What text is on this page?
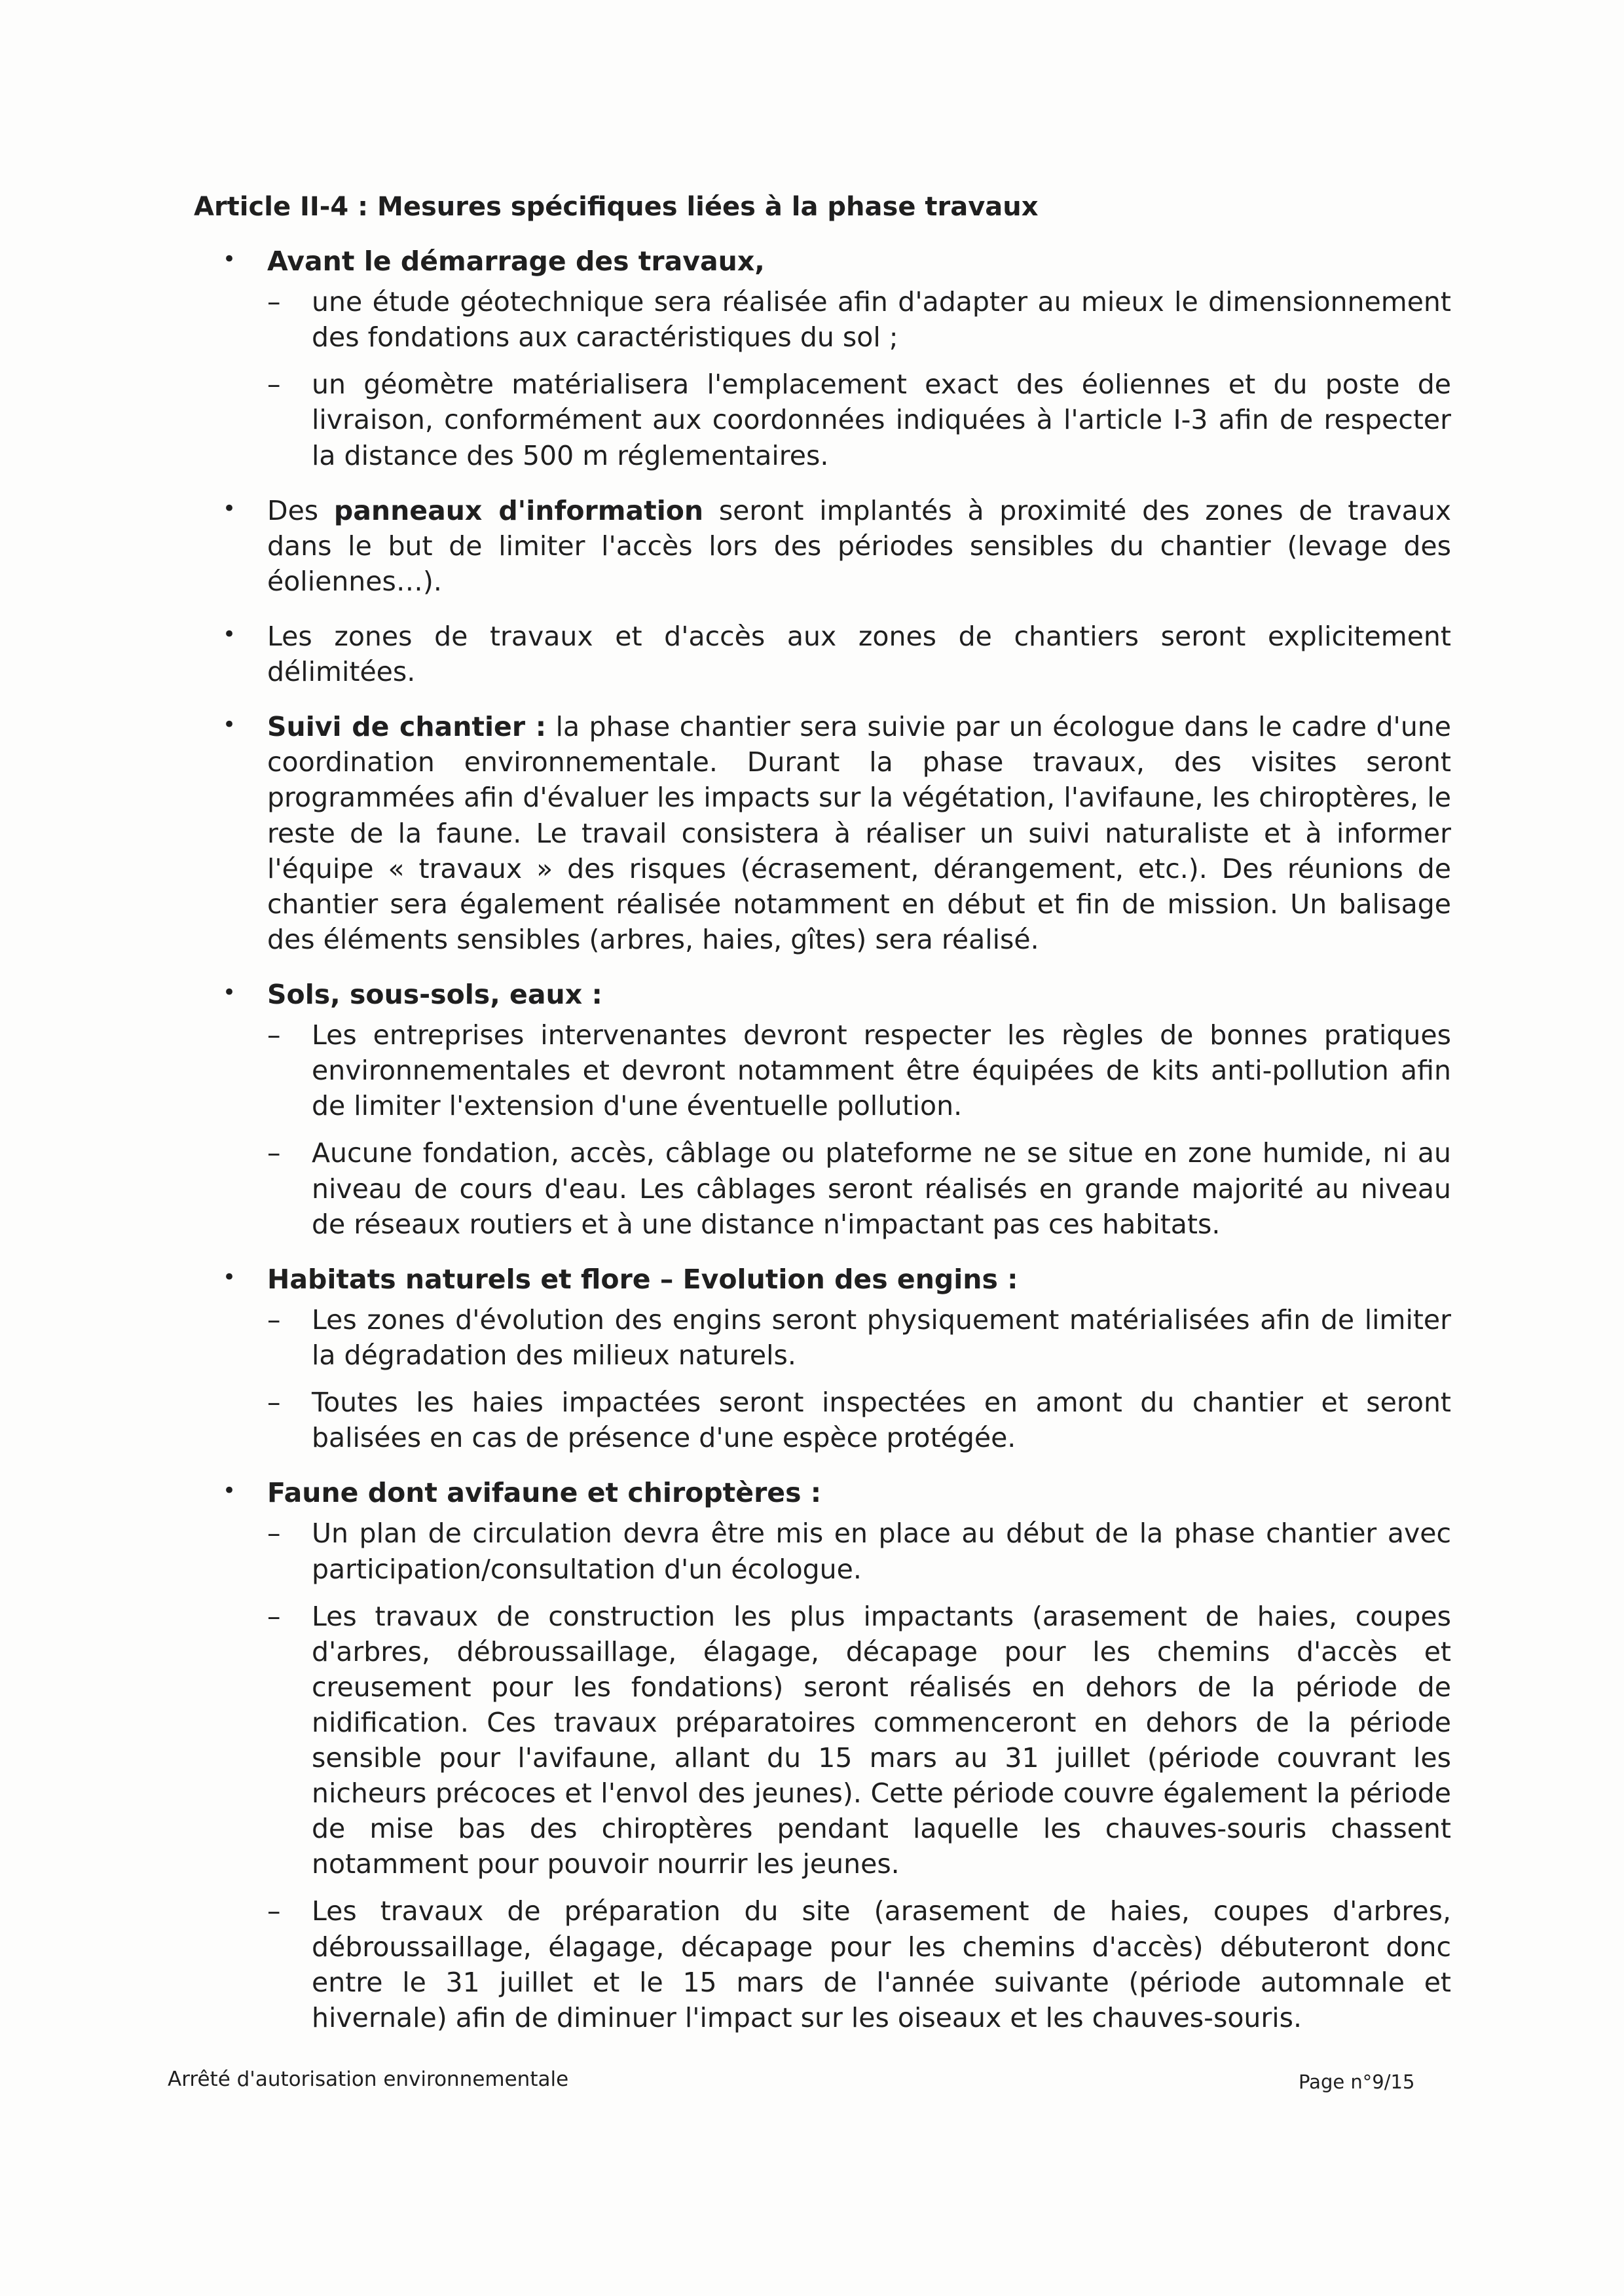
Article II-4 : Mesures spécifiques liées à la phase travaux
• Avant le démarrage des travaux,

– une étude géotechnique sera réalisée afin d'adapter au mieux le dimensionnement des fondations aux caractéristiques du sol ;
– un géomètre matérialisera l'emplacement exact des éoliennes et du poste de livraison, conformément aux coordonnées indiquées à l'article I-3 afin de respecter la distance des 500 m réglementaires.
• Des panneaux d'information seront implantés à proximité des zones de travaux dans le but de limiter l'accès lors des périodes sensibles du chantier (levage des éoliennes…).

• Les zones de travaux et d'accès aux zones de chantiers seront explicitement délimitées.

• Suivi de chantier : la phase chantier sera suivie par un écologue dans le cadre d'une coordination environnementale. Durant la phase travaux, des visites seront programmées afin d'évaluer les impacts sur la végétation, l'avifaune, les chiroptères, le reste de la faune. Le travail consistera à réaliser un suivi naturaliste et à informer l'équipe « travaux » des risques (écrasement, dérangement, etc.). Des réunions de chantier sera également réalisée notamment en début et fin de mission. Un balisage des éléments sensibles (arbres, haies, gîtes) sera réalisé.

• Sols, sous-sols, eaux :

– Les entreprises intervenantes devront respecter les règles de bonnes pratiques environnementales et devront notamment être équipées de kits anti-pollution afin de limiter l'extension d'une éventuelle pollution.
– Aucune fondation, accès, câblage ou plateforme ne se situe en zone humide, ni au niveau de cours d'eau. Les câblages seront réalisés en grande majorité au niveau de réseaux routiers et à une distance n'impactant pas ces habitats.
• Habitats naturels et flore – Evolution des engins :

– Les zones d'évolution des engins seront physiquement matérialisées afin de limiter la dégradation des milieux naturels.
– Toutes les haies impactées seront inspectées en amont du chantier et seront balisées en cas de présence d'une espèce protégée.
• Faune dont avifaune et chiroptères :

– Un plan de circulation devra être mis en place au début de la phase chantier avec participation/consultation d'un écologue.
– Les travaux de construction les plus impactants (arasement de haies, coupes d'arbres, débroussaillage, élagage, décapage pour les chemins d'accès et creusement pour les fondations) seront réalisés en dehors de la période de nidification. Ces travaux préparatoires commenceront en dehors de la période sensible pour l'avifaune, allant du 15 mars au 31 juillet (période couvrant les nicheurs précoces et l'envol des jeunes). Cette période couvre également la période de mise bas des chiroptères pendant laquelle les chauves-souris chassent notamment pour pouvoir nourrir les jeunes.
– Les travaux de préparation du site (arasement de haies, coupes d'arbres, débroussaillage, élagage, décapage pour les chemins d'accès) débuteront donc entre le 31 juillet et le 15 mars de l'année suivante (période automnale et hivernale) afin de diminuer l'impact sur les oiseaux et les chauves-souris.
Arrêté d'autorisation environnementale	Page n°9/15
